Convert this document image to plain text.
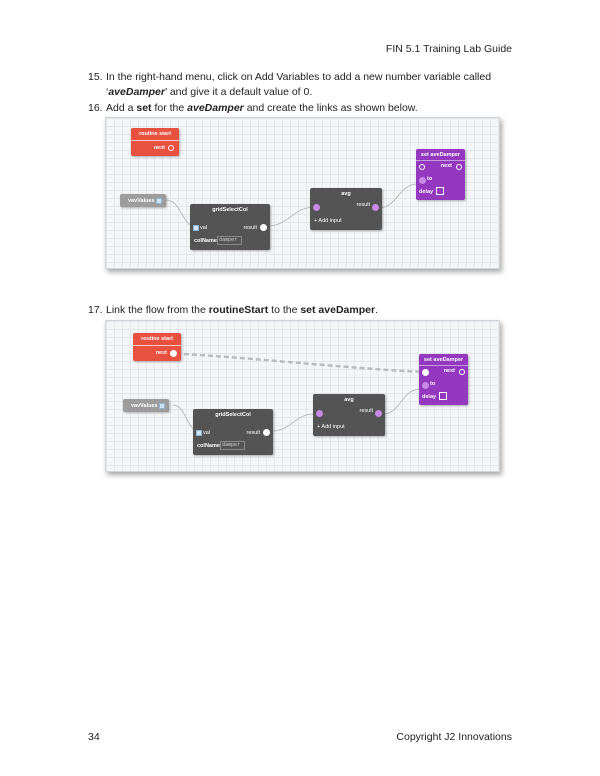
FIN 5.1 Training Lab Guide
15. In the right-hand menu, click on Add Variables to add a new number variable called
‘aveDamper’ and give it a default value of 0.
16. Add a set for the aveDamper and create the links as shown below.
routine start
next
vavValues
gridSelectCol
val	result
colName damper
avg
result
+ Add input
set aveDamper
next
to
delay
17. Link the flow from the routineStart to the set aveDamper.
routine start
next
vavValues
gridSelectCol
val	result
colName damper
avg
result
+ Add input
set aveDamper
next
to
delay
34	Copyright J2 Innovations
